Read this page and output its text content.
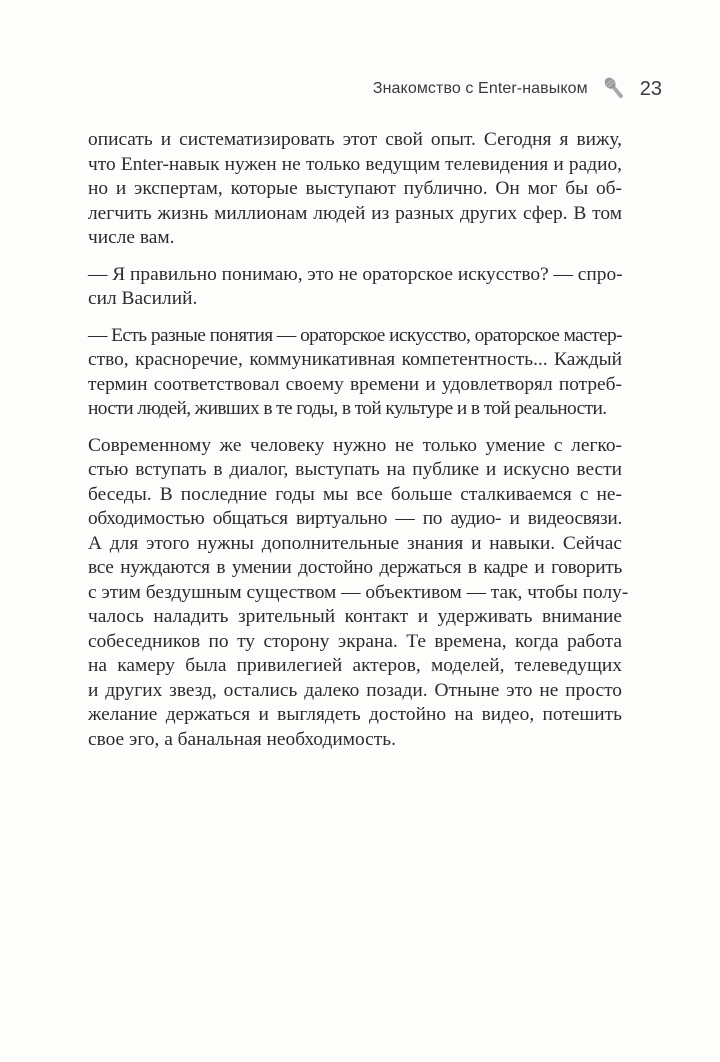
Знакомство с Enter-навыком	23
описать и систематизировать этот свой опыт. Сегодня я вижу,
что Enter-навык нужен не только ведущим телевидения и радио,
но и экспертам, которые выступают публично. Он мог бы об-
легчить жизнь миллионам людей из разных других сфер. В том
числе вам.
— Я правильно понимаю, это не ораторское искусство? — спро-
сил Василий.
— Есть разные понятия — ораторское искусство, ораторское мастер-
ство, красноречие, коммуникативная компетентность... Каждый
термин соответствовал своему времени и удовлетворял потреб-
ности людей, живших в те годы, в той культуре и в той реальности.
Современному же человеку нужно не только умение с легко-
стью вступать в диалог, выступать на публике и искусно вести
беседы. В последние годы мы все больше сталкиваемся с не-
обходимостью общаться виртуально — по аудио- и видеосвязи.
А для этого нужны дополнительные знания и навыки. Сейчас
все нуждаются в умении достойно держаться в кадре и говорить
с этим бездушным существом — объективом — так, чтобы полу-
чалось наладить зрительный контакт и удерживать внимание
собеседников по ту сторону экрана. Те времена, когда работа
на камеру была привилегией актеров, моделей, телеведущих
и других звезд, остались далеко позади. Отныне это не просто
желание держаться и выглядеть достойно на видео, потешить
свое эго, а банальная необходимость.
